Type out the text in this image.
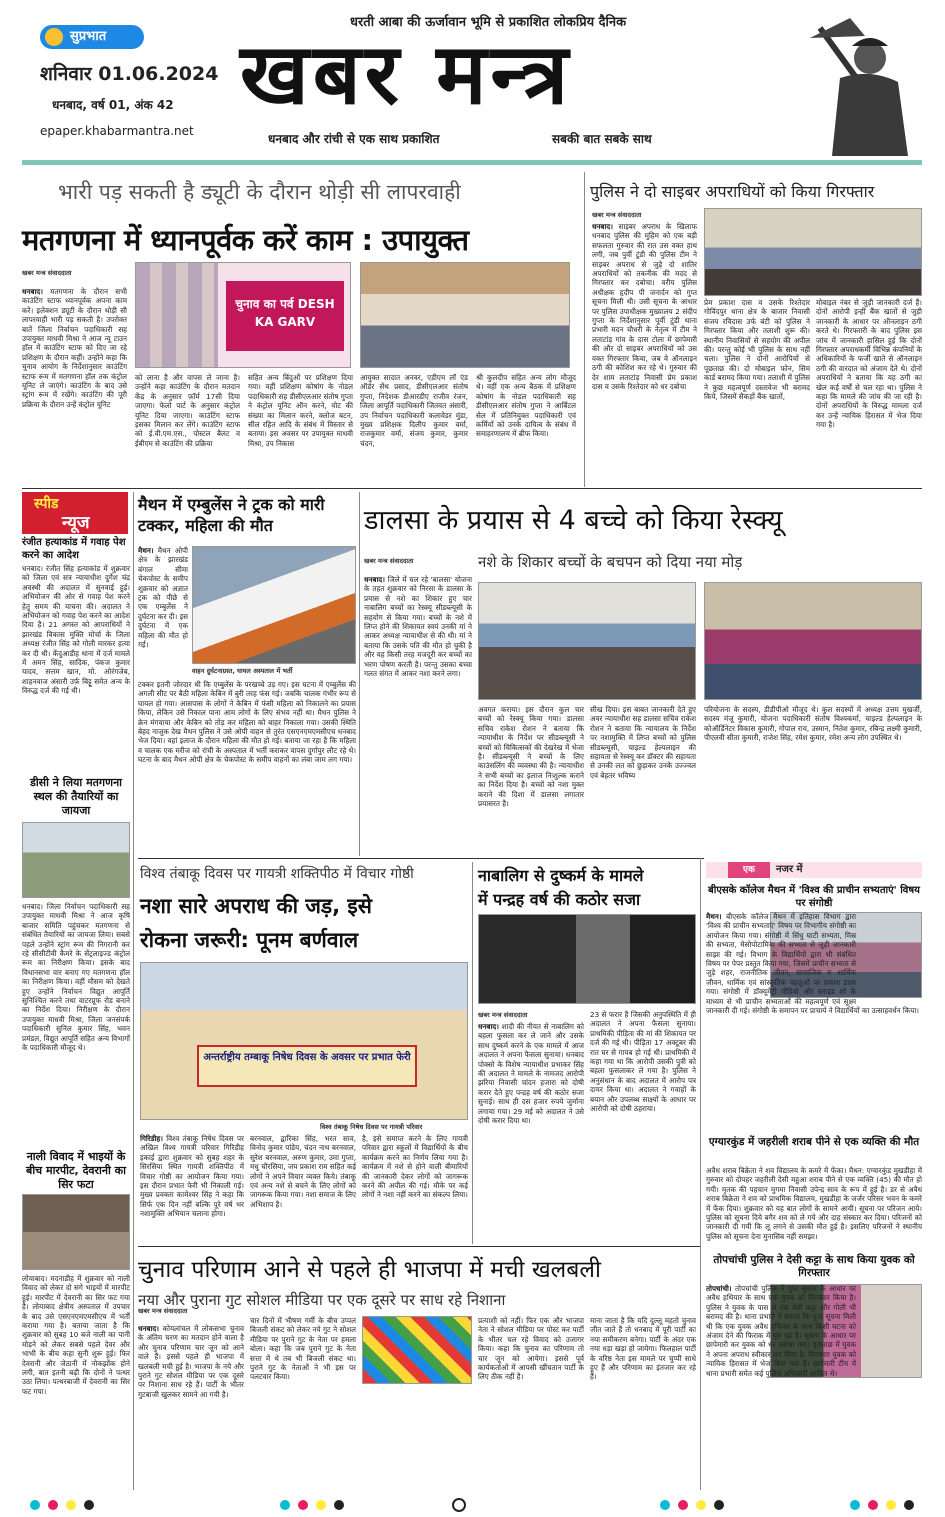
सुप्रभात
शनिवार 01.06.2024
धनबाद, वर्ष 01, अंक 42
epaper.khabarmantra.net
धरती आबा की ऊर्जावान भूमि से प्रकाशित लोकप्रिय दैनिक
खबर मन्त्र
धनबाद और रांची से एक साथ प्रकाशित	सबकी बात सबके साथ
भारी पड़ सकती है ड्यूटी के दौरान थोड़ी सी लापरवाही
मतगणना में ध्यानपूर्वक करें काम : उपायुक्त
खबर मन्त्र संवाददाता
धनबाद। मतगणना के दौरान सभी काउंटिंग स्टाफ ध्यानपूर्वक अपना काम करें। इलेक्शन ड्यूटी के दौरान थोड़ी सी लापरवाही भारी पड़ सकती है। उपरोक्त बातें जिला निर्वाचन पदाधिकारी सह उपायुक्त माधवी मिश्रा ने आज न्यू टाउन हॉल में काउंटिंग स्टाफ को दिए जा रहे प्रशिक्षण के दौरान कहीं। उन्होंने कहा कि चुनाव आयोग के निर्देशानुसार काउंटिंग स्टाफ रूम में मतगणना हॉल तक कंट्रोल यूनिट ले जाएंगे। काउंटिंग के बाद उसे स्ट्रांग रूम में रखेंगे। काउंटिंग की पूरी प्रक्रिया के दौरान उन्हें कंट्रोल यूनिट
चुनाव का पर्व DESH KA GARV
को लाना है और वापस ले जाना है। उन्होंने कहा काउंटिंग के दौरान मतदान केंद्र के अनुसार फ़ॉर्म 17सी दिया जाएगा। फेलो पार्ट के अनुसार कंट्रोल यूनिट दिया जाएगा। काउंटिंग स्टाफ इसका मिलान कर लेंगे। काउंटिंग स्टाफ को ई.वी.एम.एस., पोस्टल बैलट व ईबीएम से काउंटिंग की प्रक्रिया
सहित अन्य बिंदुओं पर प्रशिक्षण दिया गया। वहीं प्रशिक्षण कोषांग के नोडल पदाधिकारी सह डीसीएलआर संतोष गुप्ता ने कंट्रोल यूनिट ऑन करने, वोट की संख्या का मिलान करने, क्लोज बटन, सील रहित आदि के संबंध में विस्तार से बताया। इस अवसर पर उपायुक्त माधवी मिश्रा, उप निकास
आयुक्त सादात अनवर, एडीएम लॉ एंड ऑर्डर सेंथ प्रसाद, डीसीएलआर संतोष गुप्ता, निदेशक डीआरडीए राजीव रंजन, जिला आपूर्ति पदाधिकारी जितवत अंसारी, उप निर्वाचन पदाधिकारी कलावेडर मुंडा, मुख्य प्रशिक्षक दिलीप कुमार वर्मा, राजकुमार वर्मा, संजय कुमार, कुमार चंदन,
श्री कुलदीप सहित अन्य लोग मौजूद थे। वहीं एक अन्य बैठक में प्रशिक्षण कोषांग के नोडल पदाधिकारी सह डीसीएलआर संतोष गुप्ता ने आर्बिटल सेल में प्रतिनियुक्त पदाधिकारी एवं कर्मियों को उनके दायित्व के संबंध में समाहरणालय में ब्रीफ किया।
पुलिस ने दो साइबर अपराधियों को किया गिरफ्तार
खबर मन्त्र संवाददाता
धनबाद। साइबर अपराध के खिलाफ धनबाद पुलिस की मुहिम को एक बड़ी सफलता गुरुवार की रात उस वक्त हाथ लगी, जब पुर्वी टुंडी की पुलिस टीम ने साइबर अपराध से जुड़े दो शातिर अपराधियों को तकनीक की मदद से गिरफ्तार कर दबोचा। वरीय पुलिस अधीक्षक हृदीप पी जनार्दन को गुप्त सूचना मिली थी। उसी सूचना के आधार पर पुलिस उपाधीक्षक मुख्यालय 2 संदीप गुप्ता के निर्देशानुसार पूर्वी टुंडी थाना प्रभारी मदन चौधरी के नेतृत्व में टीम ने लताटांड़ गांव के दास टोला में छापेमारी की और दो साइबर अपराधियों को उस वक्त गिरफ्तार किया, जब वे ऑनलाइन ठगी की कोशिश कर रहे थे। गुरुवार की देर शाम लताटांड़ निवासी प्रेम प्रकाश दास व उसके रिश्तेदार को धर दबोचा
प्रेम प्रकाश दास व उसके रिश्तेदार गोविंदपुर थाना क्षेत्र के बाजार निवासी संजय रविदास उर्फ बंटी को पुलिस ने गिरफ्तार किया और तलाशी शुरू की। स्थानीय निवासियों से सहयोग की अपील की। परन्तु कोई भी पुलिस के साथ नहीं चला। पुलिस ने दोनों आरोपियों से पूछताछ की। दो मोबाइल फोन, सिम कार्ड बरामद किया गया। तलाशी में पुलिस ने कुछ महत्वपूर्ण दस्तावेज भी बरामद किये, जिसमें सैकड़ों बैंक खातों,
मोबाइल नंबर से जुड़ी जानकारी दर्ज हैं। दोनों आरोपी इन्हीं बैंक खातों से जुड़ी जानकारी के आधार पर ऑनलाइन ठगी करते थे। गिरफ्तारी के बाद पुलिस इस जांच में जानकारी हासिल हुई कि दोनों गिरफ्तार अपराधकर्मी विभिन्न कंपनियों के अधिकारियों के फर्जी खाते से ऑनलाइन ठगी की वारदात को अंजाम देते थे। दोनों अपराधियों ने बताया कि यह ठगी का खेल कई वर्षों से चल रहा था। पुलिस ने कहा कि मामले की जांच की जा रही है। दोनों अपराधियों के विरुद्ध मामला दर्ज कर उन्हें न्यायिक हिरासत में भेज दिया गया है।
स्पीड
न्यूज
रंजीत हत्याकांड में गवाह पेश करने का आदेश
धनबाद। रंजीत सिंह हत्याकांड में शुक्रवार को जिला एवं सत्र न्यायाधीश दुर्गेश चंद्र अवस्थी की अदालत में सुनवाई हुई। अभियोजन की ओर से गवाह पेश करने हेतु समय की याचना की। अदालत ने अभियोजन को गवाह पेश करने का आदेश दिया है। 21 अगस्त को आपराधियों ने झारखंड विकास मुक्ति मोर्चा के जिला अध्यक्ष रंजीत सिंह को गोली मारकर हत्या कर दी थी। केंदुआडीह थाना में दर्ज मामले में अमन सिंह, सादिक, पंकज कुमार यादव, सत्तम खान, मो. ओरंगजेब, शाहनवाज अंसारी उर्फ़ बिट्टू समेत अन्य के विरुद्ध दर्ज की गई थी।
डीसी ने लिया मतगणना स्थल की तैयारियों का जायजा
धनबाद। जिला निर्वाचन पदाधिकारी सह उपायुक्त माधवी मिश्रा ने आज कृषि बाजार समिति पहुंचकर मतगणना से संबंधित तैयारियों का जायजा लिया। सबसे पहले उन्होंने स्ट्रांग रूम की निगरानी कर रहे सीसीटीवी कैमरे के सेंट्रलाइज्ड कंट्रोल रूम का निरीक्षण किया। इसके बाद विधानसभा वार बनाए गए मतगणना हॉल का निरीक्षण किया। वहीं मौसम को देखते हुए उन्होंने निर्वाचन विद्युत आपूर्ति सुनिश्चित करने तथा वाटरप्रूफ रोड बनाने का निर्देश दिया। निरीक्षण के दौरान उपायुक्त माधवी मिश्रा, जिला जनसंपर्क पदाधिकारी सुनिल कुमार सिंह, भवन प्रमंडल, विद्युत आपूर्ति सहित अन्य विभागों के पदाधिकारी मौजूद थे।
नाली विवाद में भाइयों के बीच मारपीट, देवरानी का सिर फटा
लोयाबाद। मदनाडीह में शुक्रवार को नाली विवाद को लेकर दो सगे भाइयों में मारपीट हुई। मारपीट में देवरानी का सिर फट गया है। लोयाबाद क्षेत्रीय अस्पताल में उपचार के बाद उसे एसएनएमएमसीएच में भर्ती कराया गया है। बताया जाता है कि शुक्रवार को सुबह 10 बजे नाली का पानी मोड़ने को लेकर सबसे पहले देवर और भाभी के बीच कहा सुनी शुरू हुई। फिर देवरानी और जेठानी में नोकझोंक होने लगी, बात इतनी बढ़ी कि दोनों ने पत्थर उठा लिया। पत्थरबाजी में देवरानी का सिर फट गया।
मैथन में एम्बुलेंस ने ट्रक को मारी टक्कर, महिला की मौत
मैथन। मैथन ओपी क्षेत्र के झारखंड बंगाल सीमा चेकपोस्ट के समीप शुक्रवार को अज्ञात ट्रक को पीछे से एक एम्बुलेंस ने दुर्घटना कर दी। इस दुर्घटना में एक महिला की मौत हो गई।
वाहन दुर्घटनाग्रस्त, घायल अस्पताल में भर्ती
टक्कर इतनी जोरदार थी कि एम्बुलेंस के परखच्चे उड़ गए। इस घटना में एम्बुलेंस की अगली सीट पर बैठी महिला केबिन में बुरी तरह फंस गई। जबकि चालक गंभीर रूप से घायल हो गया। आसपास के लोगों ने केबिन में फंसी महिला को निकालने का प्रयास किया, लेकिन उसे निकाल पाना आम लोगों के लिए संभव नहीं था। मैथन पुलिस ने क्रेन मंगवाया और केबिन को तोड़ कर महिला को बाहर निकाला गया। उसकी स्थिति बेहद नाजुक देख मैथन पुलिस ने उसे ओपी वाहन से तुरंत एसएनएमएमसीएच धनबाद भेज दिया। वहां इलाज के दौरान महिला की मौत हो गई। बताया जा रहा है कि महिला व चालक एक मरीज को रांची के अस्पताल में भर्ती कराकर वापस दुर्गापुर लौट रहे थे। घटना के बाद मैथन ओपी क्षेत्र के चेकपोस्ट के समीप वाहनों का लंबा जाम लग गया।
डालसा के प्रयास से 4 बच्चे को किया रेस्क्यू
नशे के शिकार बच्चों के बचपन को दिया नया मोड़
खबर मन्त्र संवाददाता
धनबाद। जिले में चल रहे 'बालसा' योजना के तहत शुक्रवार को निरसा के डालसा के प्रयास से नशे का शिकार हुए चार नाबालिग बच्चों का रेस्क्यू सीडब्ल्यूसी के सहयोग से किया गया। बच्चों के नशे में लिप्त होने की शिकायत स्वयं उनकी मां ने आकर अध्यक्ष न्यायाधीश से की थी। मां ने बताया कि उसके पति की मौत हो चुकी है और वह किसी तरह मजदूरी कर बच्चों का भरण पोषण करती है। परन्तु उसका बच्चा गलत संगत में आकर नशा करने लगा।
अवगत कराया। इस दौरान कुल चार बच्चों को रेस्क्यू किया गया। डालसा सचिव राकेश रोशन ने बताया कि न्यायाधीश के निर्देश पर सीडब्ल्यूसी ने बच्चों को चिकित्सकों की देखरेख में भेजा है। सीडब्ल्यूसी ने बच्चों के लिए काउंसलिंग की व्यवस्था की है। न्यायाधीश ने सभी बच्चों का इलाज निःशुल्क कराने का निर्देश दिया है। बच्चों को नशा मुक्त कराने की दिशा में डालसा लगातार प्रयासरत है।
सीख दिया। इस बाबत जानकारी देते हुए अवर न्यायाधीश सह डालसा सचिव राकेश रोशन ने बताया कि न्यायालय के निर्देश पर नशामुक्ति में लिप्त बच्चों को पुलिस सीडब्ल्यूसी, चाइल्ड हेल्पलाइन की सहायता से रेस्क्यू कर डॉक्टर की सहायता से उनकी लत को छुड़ाकर उनके उज्ज्वल एवं बेहतर भविष्य
परियोजना के सदस्य, डीडीपीओ मौजूद थे। कुल सदस्यों में अध्यक्ष उत्तम मुखर्जी, सदस्य मंजू कुमारी, योजना पदाधिकारी संतोष विश्वकर्मा, चाइल्ड हेल्पलाइन के कोऑर्डिनेटर विकास कुमारी, गोपाल राय, उस्मान, नितेश कुमार, रबिन्द्र लक्ष्मी कुमारी, पीएलवी सीता कुमारी, राजेश सिंह, रमेश कुमार, रमेश अन्य लोग उपस्थित थे।
विश्व तंबाकू दिवस पर गायत्री शक्तिपीठ में विचार गोष्ठी
नशा सारे अपराध की जड़, इसे
रोकना जरूरी: पूनम बर्णवाल
अन्तर्राष्ट्रीय तम्बाकू निषेध दिवस के अवसर पर प्रभात फेरी
विश्व तंबाकू निषेध दिवस पर गायत्री परिवार
गिरिडीह। विश्व तंबाकू निषेध दिवस पर अखिल विश्व गायत्री परिवार गिरिडीह इकाई द्वारा शुक्रवार को सुबह शहर के सिरसिया स्थित गायत्री शक्तिपीठ में विचार गोष्ठी का आयोजन किया गया। इस दौरान प्रभात फेरी भी निकाली गई। मुख्य प्रवक्ता कामेश्वर सिंह ने कहा कि सिर्फ एक दिन नहीं बल्कि पूरे वर्ष भर नशामुक्ति अभियान चलाना होगा।
बरनवाल, द्वारिका सिंह, भरत साव, विनोद कुमार पांडेय, चंदन नाथ बरनवाल, सुरेश बरनवाल, अरुण कुमार, उमा गुप्ता, मधु चौरसिया, जय प्रकाश राम सहित कई लोगों ने अपने विचार व्यक्त किये। तंबाकू एवं अन्य नशे से बचने के लिए लोगों को जागरूक किया गया। नशा समाज के लिए अभिशाप है।
है, इसे समाप्त करने के लिए गायत्री परिवार द्वारा स्कूलों में विद्यार्थियों के बीच कार्यक्रम करने का निर्णय लिया गया है। कार्यक्रम में नशे से होने वाली बीमारियों की जानकारी देकर लोगों को जागरूक करने की अपील की गई। मौके पर कई लोगों ने नशा नहीं करने का संकल्प लिया।
नाबालिग से दुष्कर्म के मामले
में पन्द्रह वर्ष की कठोर सजा
खबर मन्त्र संवाददाता
धनबाद। शादी की नीयत से नाबालिग को बहला फुसला कर ले जाने और उसके साथ दुष्कर्म करने के एक मामले में आज अदालत ने अपना फैसला सुनाया। धनबाद पोक्सो के विशेष न्यायाधीश प्रभाकर सिंह की अदालत ने मामले के नामजद आरोपी झरिया निवासी चांदन हजारा को दोषी करार देते हुए पन्द्रह वर्ष की कठोर सजा सुनाई। साथ ही दस हजार रुपये जुर्माना लगाया गया। 29 मई को अदालत ने उसे दोषी करार दिया था।
23 से फरार है जिसकी अनुपस्थिति में ही अदालत ने अपना फैसला सुनाया। प्राथमिकी पीड़िता की मां की शिकायत पर दर्ज की गई थी। पीड़िता 17 अक्टूबर की रात घर से गायब हो गई थी। प्राथमिकी में कहा गया था कि आरोपी उसकी पुत्री को बहला फुसलाकर ले गया है। पुलिस ने अनुसंधान के बाद अदालत में आरोप पत्र दायर किया था। अदालत ने गवाहों के बयान और उपलब्ध साक्ष्यों के आधार पर आरोपी को दोषी ठहराया।
एक	नजर में
बीएसके कॉलेज मैथन में 'विश्व की प्राचीन सभ्यताएं' विषय पर संगोष्ठी
मैथन। बीएसके कॉलेज मैथन में इतिहास विभाग द्वारा 'विश्व की प्राचीन सभ्यताएं' विषय पर विभागीय संगोष्ठी का आयोजन किया गया। संगोष्ठी में सिंधु घाटी सभ्यता, मिस्र की सभ्यता, मेसोपोटामिया की सभ्यता से जुड़ी जानकारी साझा की गई। विभाग के विद्यार्थियों द्वारा भी संबंधित विषय पर पेपर प्रस्तुत किया गया, जिसमें प्राचीन सभ्यता से जुड़े शहर, राजनीतिक जीवन, सामाजिक व आर्थिक जीवन, धार्मिक एवं सांस्कृतिक पहलुओं पर प्रकाश डाला गया। संगोष्ठी में डॉक्यूमेंट्री वीडियो और स्लाइड शो के माध्यम से भी प्राचीन सभ्यताओं की महत्वपूर्ण एवं सूक्ष्म जानकारी दी गई। संगोष्ठी के समापन पर प्राचार्य ने विद्यार्थियों का उत्साहवर्धन किया।
एग्यारकुंड में जहरीली शराब पीने से एक व्यक्ति की मौत
अवैध शराब बिक्रेता ने शव विद्यालय के कमरे में फेंका। मैथन: एग्यारकुंड मुखडीहा में गुरुवार को दोपहर जहरीली देसी महुआ शराब पीने से एक व्यक्ति (45) की मौत हो गयी। मृतक की पहचान मुगमा निवासी उपेन्द्र साव के रूप में हुई है। डर से अवैध शराब बिक्रेता ने शव को प्राथमिक विद्यालय, मुखडीहा के जर्जर परिसर भवन के कमरे में फेंक दिया। शुक्रवार को यह बात लोगों के सामने आयी। सूचना पर परिजन आये। पुलिस को सूचना दिये बगैर शव को ले गये और दाह संस्कार कर दिया। परिजनों को जानकारी दी गयी कि लू लगने से उसकी मौत हुई है। इसलिए परिजनों ने स्थानीय पुलिस को सूचना देना मुनासिब नहीं समझा।
तोपचांची पुलिस ने देसी कट्टा के साथ किया युवक को गिरफ्तार
तोपचांची। तोपचांची पुलिस ने गुप्त सूचना के आधार पर अवैध हथियार के साथ एक युवक को गिरफ्तार किया है। पुलिस ने युवक के पास से एक देसी कट्टा और गोली भी बरामद की है। थाना प्रभारी ने बताया कि गुप्त सूचना मिली थी कि एक युवक अवैध हथियार के साथ किसी घटना को अंजाम देने की फिराक में घूम रहा है। सूचना के आधार पर छापेमारी कर युवक को धर दबोचा गया। पूछताछ में युवक ने अपना अपराध स्वीकार कर लिया है। गिरफ्तार युवक को न्यायिक हिरासत में भेज दिया गया है। छापेमारी टीम में थाना प्रभारी समेत कई पुलिस अधिकारी शामिल थे।
चुनाव परिणाम आने से पहले ही भाजपा में मची खलबली
नया और पुराना गुट सोशल मीडिया पर एक दूसरे पर साध रहे निशाना
खबर मन्त्र संवाददाता
धनबाद। कोयलांचल में लोकसभा चुनाव के अंतिम चरण का मतदान होने वाला है और चुनाव परिणाम चार जून को आने वाले हैं। इससे पहले ही भाजपा में खलबली मची हुई है। भाजपा के नये और पुराने गुट सोशल मीडिया पर एक दूसरे पर निशाना साध रहे हैं। पार्टी के भीतर गुटबाजी खुलकर सामने आ गयी है।
चार दिनों में भीषण गर्मी के बीच उप्पल बिजली संकट को लेकर नये गुट ने सोशल मीडिया पर पुराने गुट के नेता पर हमला बोला। कहा कि जब पुराने गुट के नेता सत्ता में थे तब भी बिजली संकट था। पुराने गुट के नेताओं ने भी इस पर पलटवार किया।
प्रत्याशी को नहीं। फिर एक और भाजपा नेता ने सोशल मीडिया पर पोस्ट कर पार्टी के भीतर चल रहे विवाद को उजागर किया। कहा कि चुनाव का परिणाम तो चार जून को आयेगा। इससे पूर्व कार्यकर्ताओं में आपसी खींचतान पार्टी के लिए ठीक नहीं है।
माना जाता है कि यदि दुल्लू महतो चुनाव जीत जाते हैं तो धनबाद में पूरी पार्टी का नया समीकरण बनेगा। पार्टी के अंदर एक नया धड़ा खड़ा हो जायेगा। फिलहाल पार्टी के वरिष्ठ नेता इस मामले पर चुप्पी साधे हुए हैं और परिणाम का इंतजार कर रहे हैं।
